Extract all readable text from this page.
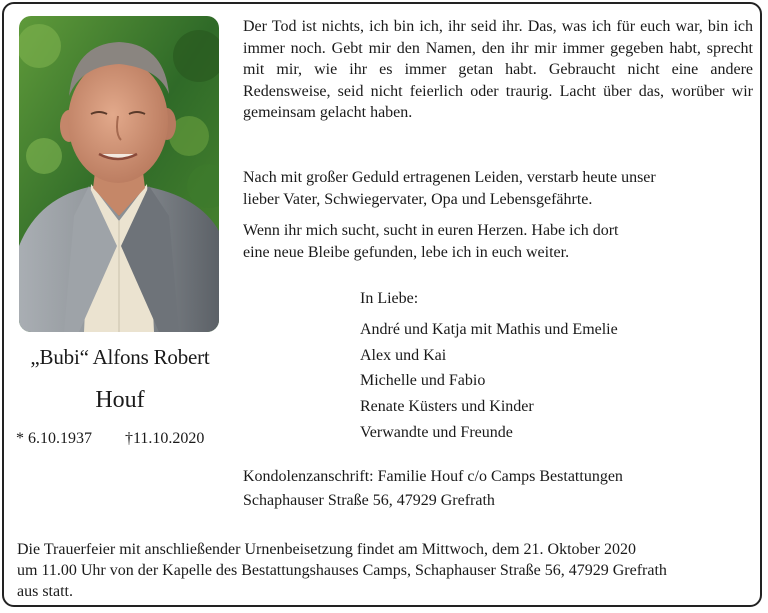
„Bubi“ Alfons Robert
Houf
* 6.10.1937 †11.10.2020
Der Tod ist nichts, ich bin ich, ihr seid ihr. Das, was ich für euch war, bin ich immer noch. Gebt mir den Namen, den ihr mir immer gegeben habt, sprecht mit mir, wie ihr es immer getan habt. Gebraucht nicht eine andere Redensweise, seid nicht feierlich oder traurig. Lacht über das, worüber wir gemeinsam gelacht haben.

Nach mit großer Geduld ertragenen Leiden, verstarb heute unser

lieber Vater, Schwiegervater, Opa und Lebensgefährte.

Wenn ihr mich sucht, sucht in euren Herzen. Habe ich dort

eine neue Bleibe gefunden, lebe ich in euch weiter.

In Liebe:

André und Katja mit Mathis und Emelie

Alex und Kai

Michelle und Fabio

Renate Küsters und Kinder

Verwandte und Freunde

Kondolenzanschrift: Familie Houf c/o Camps Bestattungen

Schaphauser Straße 56, 47929 Grefrath

Die Trauerfeier mit anschließender Urnenbeisetzung findet am Mittwoch, dem 21. Oktober 2020

um 11.00 Uhr von der Kapelle des Bestattungshauses Camps, Schaphauser Straße 56, 47929 Grefrath

aus statt.
